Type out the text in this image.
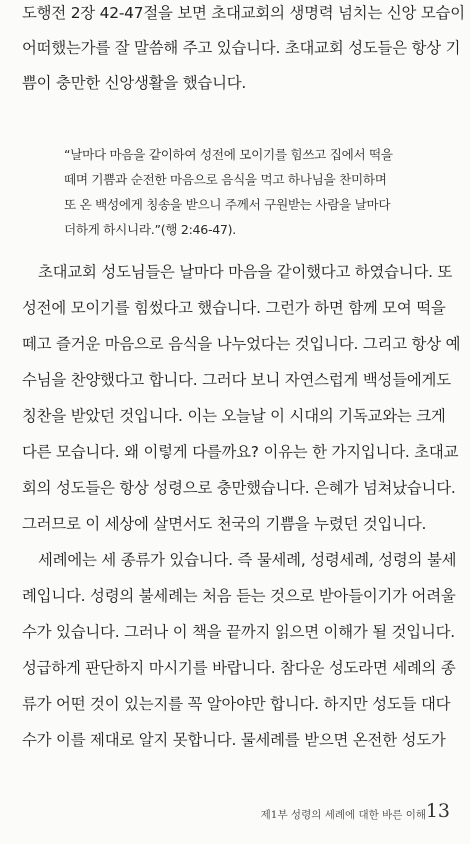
도행전 2장 42-47절을 보면 초대교회의 생명력 넘치는 신앙 모습이
어떠했는가를 잘 말씀해 주고 있습니다. 초대교회 성도들은 항상 기
쁨이 충만한 신앙생활을 했습니다.
“날마다 마음을 같이하여 성전에 모이기를 힘쓰고 집에서 떡을
떼며 기쁨과 순전한 마음으로 음식을 먹고 하나님을 찬미하며
또 온 백성에게 칭송을 받으니 주께서 구원받는 사람을 날마다
더하게 하시니라.”(행 2:46-47).
초대교회 성도님들은 날마다 마음을 같이했다고 하였습니다. 또
성전에 모이기를 힘썼다고 했습니다. 그런가 하면 함께 모여 떡을
떼고 즐거운 마음으로 음식을 나누었다는 것입니다. 그리고 항상 예
수님을 찬양했다고 합니다. 그러다 보니 자연스럽게 백성들에게도
칭찬을 받았던 것입니다. 이는 오늘날 이 시대의 기독교와는 크게
다른 모습니다. 왜 이렇게 다를까요? 이유는 한 가지입니다. 초대교
회의 성도들은 항상 성령으로 충만했습니다. 은혜가 넘쳐났습니다.
그러므로 이 세상에 살면서도 천국의 기쁨을 누렸던 것입니다.
세례에는 세 종류가 있습니다. 즉 물세례, 성령세례, 성령의 불세
례입니다. 성령의 불세례는 처음 듣는 것으로 받아들이기가 어려울
수가 있습니다. 그러나 이 책을 끝까지 읽으면 이해가 될 것입니다.
성급하게 판단하지 마시기를 바랍니다. 참다운 성도라면 세례의 종
류가 어떤 것이 있는지를 꼭 알아야만 합니다. 하지만 성도들 대다
수가 이를 제대로 알지 못합니다. 물세례를 받으면 온전한 성도가
제1부 성령의 세례에 대한 바른 이해 13
